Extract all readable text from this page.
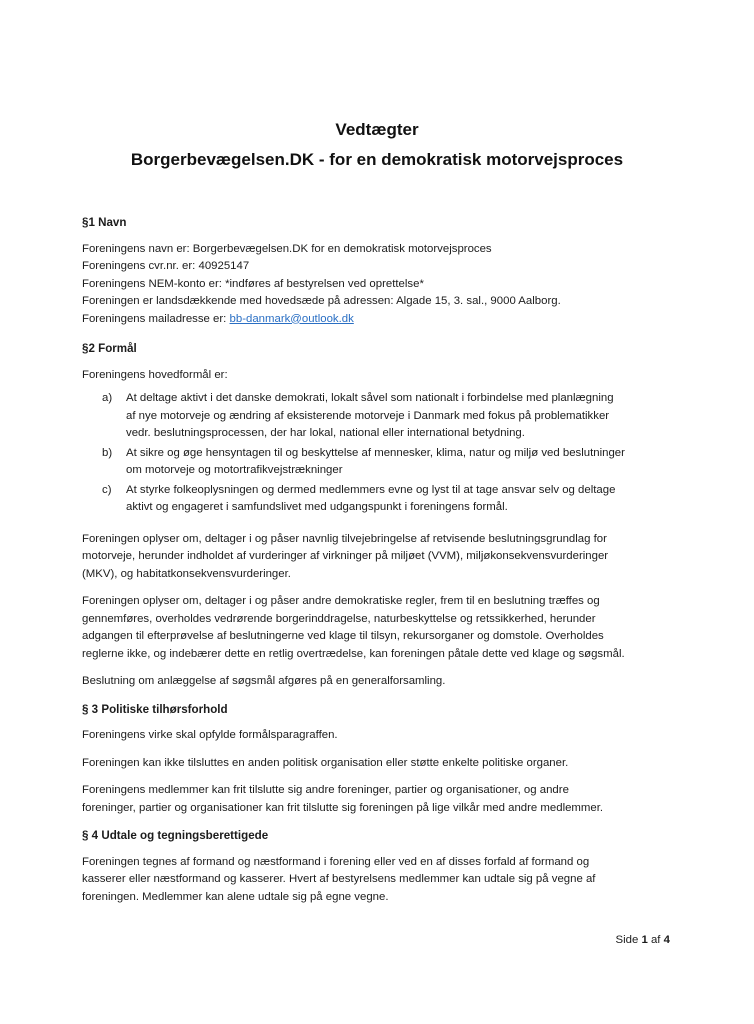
Vedtægter
Borgerbevægelsen.DK - for en demokratisk motorvejsproces
§1 Navn
Foreningens navn er: Borgerbevægelsen.DK for en demokratisk motorvejsproces
Foreningens cvr.nr. er: 40925147
Foreningens NEM-konto er: *indføres af bestyrelsen ved oprettelse*
Foreningen er landsdækkende med hovedsæde på adressen: Algade 15, 3. sal., 9000 Aalborg.
Foreningens mailadresse er: bb-danmark@outlook.dk
§2 Formål
Foreningens hovedformål er:
a)	At deltage aktivt i det danske demokrati, lokalt såvel som nationalt i forbindelse med planlægning
af nye motorveje og ændring af eksisterende motorveje i Danmark med fokus på problematikker
vedr. beslutningsprocessen, der har lokal, national eller international betydning.
b)	At sikre og øge hensyntagen til og beskyttelse af mennesker, klima, natur og miljø ved beslutninger
om motorveje og motortrafikvejstrækninger
c)	At styrke folkeoplysningen og dermed medlemmers evne og lyst til at tage ansvar selv og deltage
aktivt og engageret i samfundslivet med udgangspunkt i foreningens formål.
Foreningen oplyser om, deltager i og påser navnlig tilvejebringelse af retvisende beslutningsgrundlag for
motorveje, herunder indholdet af vurderinger af virkninger på miljøet (VVM), miljøkonsekvensvurderinger
(MKV), og habitatkonsekvensvurderinger.
Foreningen oplyser om, deltager i og påser andre demokratiske regler, frem til en beslutning træffes og
gennemføres, overholdes vedrørende borgerinddragelse, naturbeskyttelse og retssikkerhed, herunder
adgangen til efterprøvelse af beslutningerne ved klage til tilsyn, rekursorganer og domstole. Overholdes
reglerne ikke, og indebærer dette en retlig overtrædelse, kan foreningen påtale dette ved klage og søgsmål.
Beslutning om anlæggelse af søgsmål afgøres på en generalforsamling.
§ 3 Politiske tilhørsforhold
Foreningens virke skal opfylde formålsparagraffen.
Foreningen kan ikke tilsluttes en anden politisk organisation eller støtte enkelte politiske organer.
Foreningens medlemmer kan frit tilslutte sig andre foreninger, partier og organisationer, og andre
foreninger, partier og organisationer kan frit tilslutte sig foreningen på lige vilkår med andre medlemmer.
§ 4 Udtale og tegningsberettigede
Foreningen tegnes af formand og næstformand i forening eller ved en af disses forfald af formand og
kasserer eller næstformand og kasserer. Hvert af bestyrelsens medlemmer kan udtale sig på vegne af
foreningen. Medlemmer kan alene udtale sig på egne vegne.
Side 1 af 4
